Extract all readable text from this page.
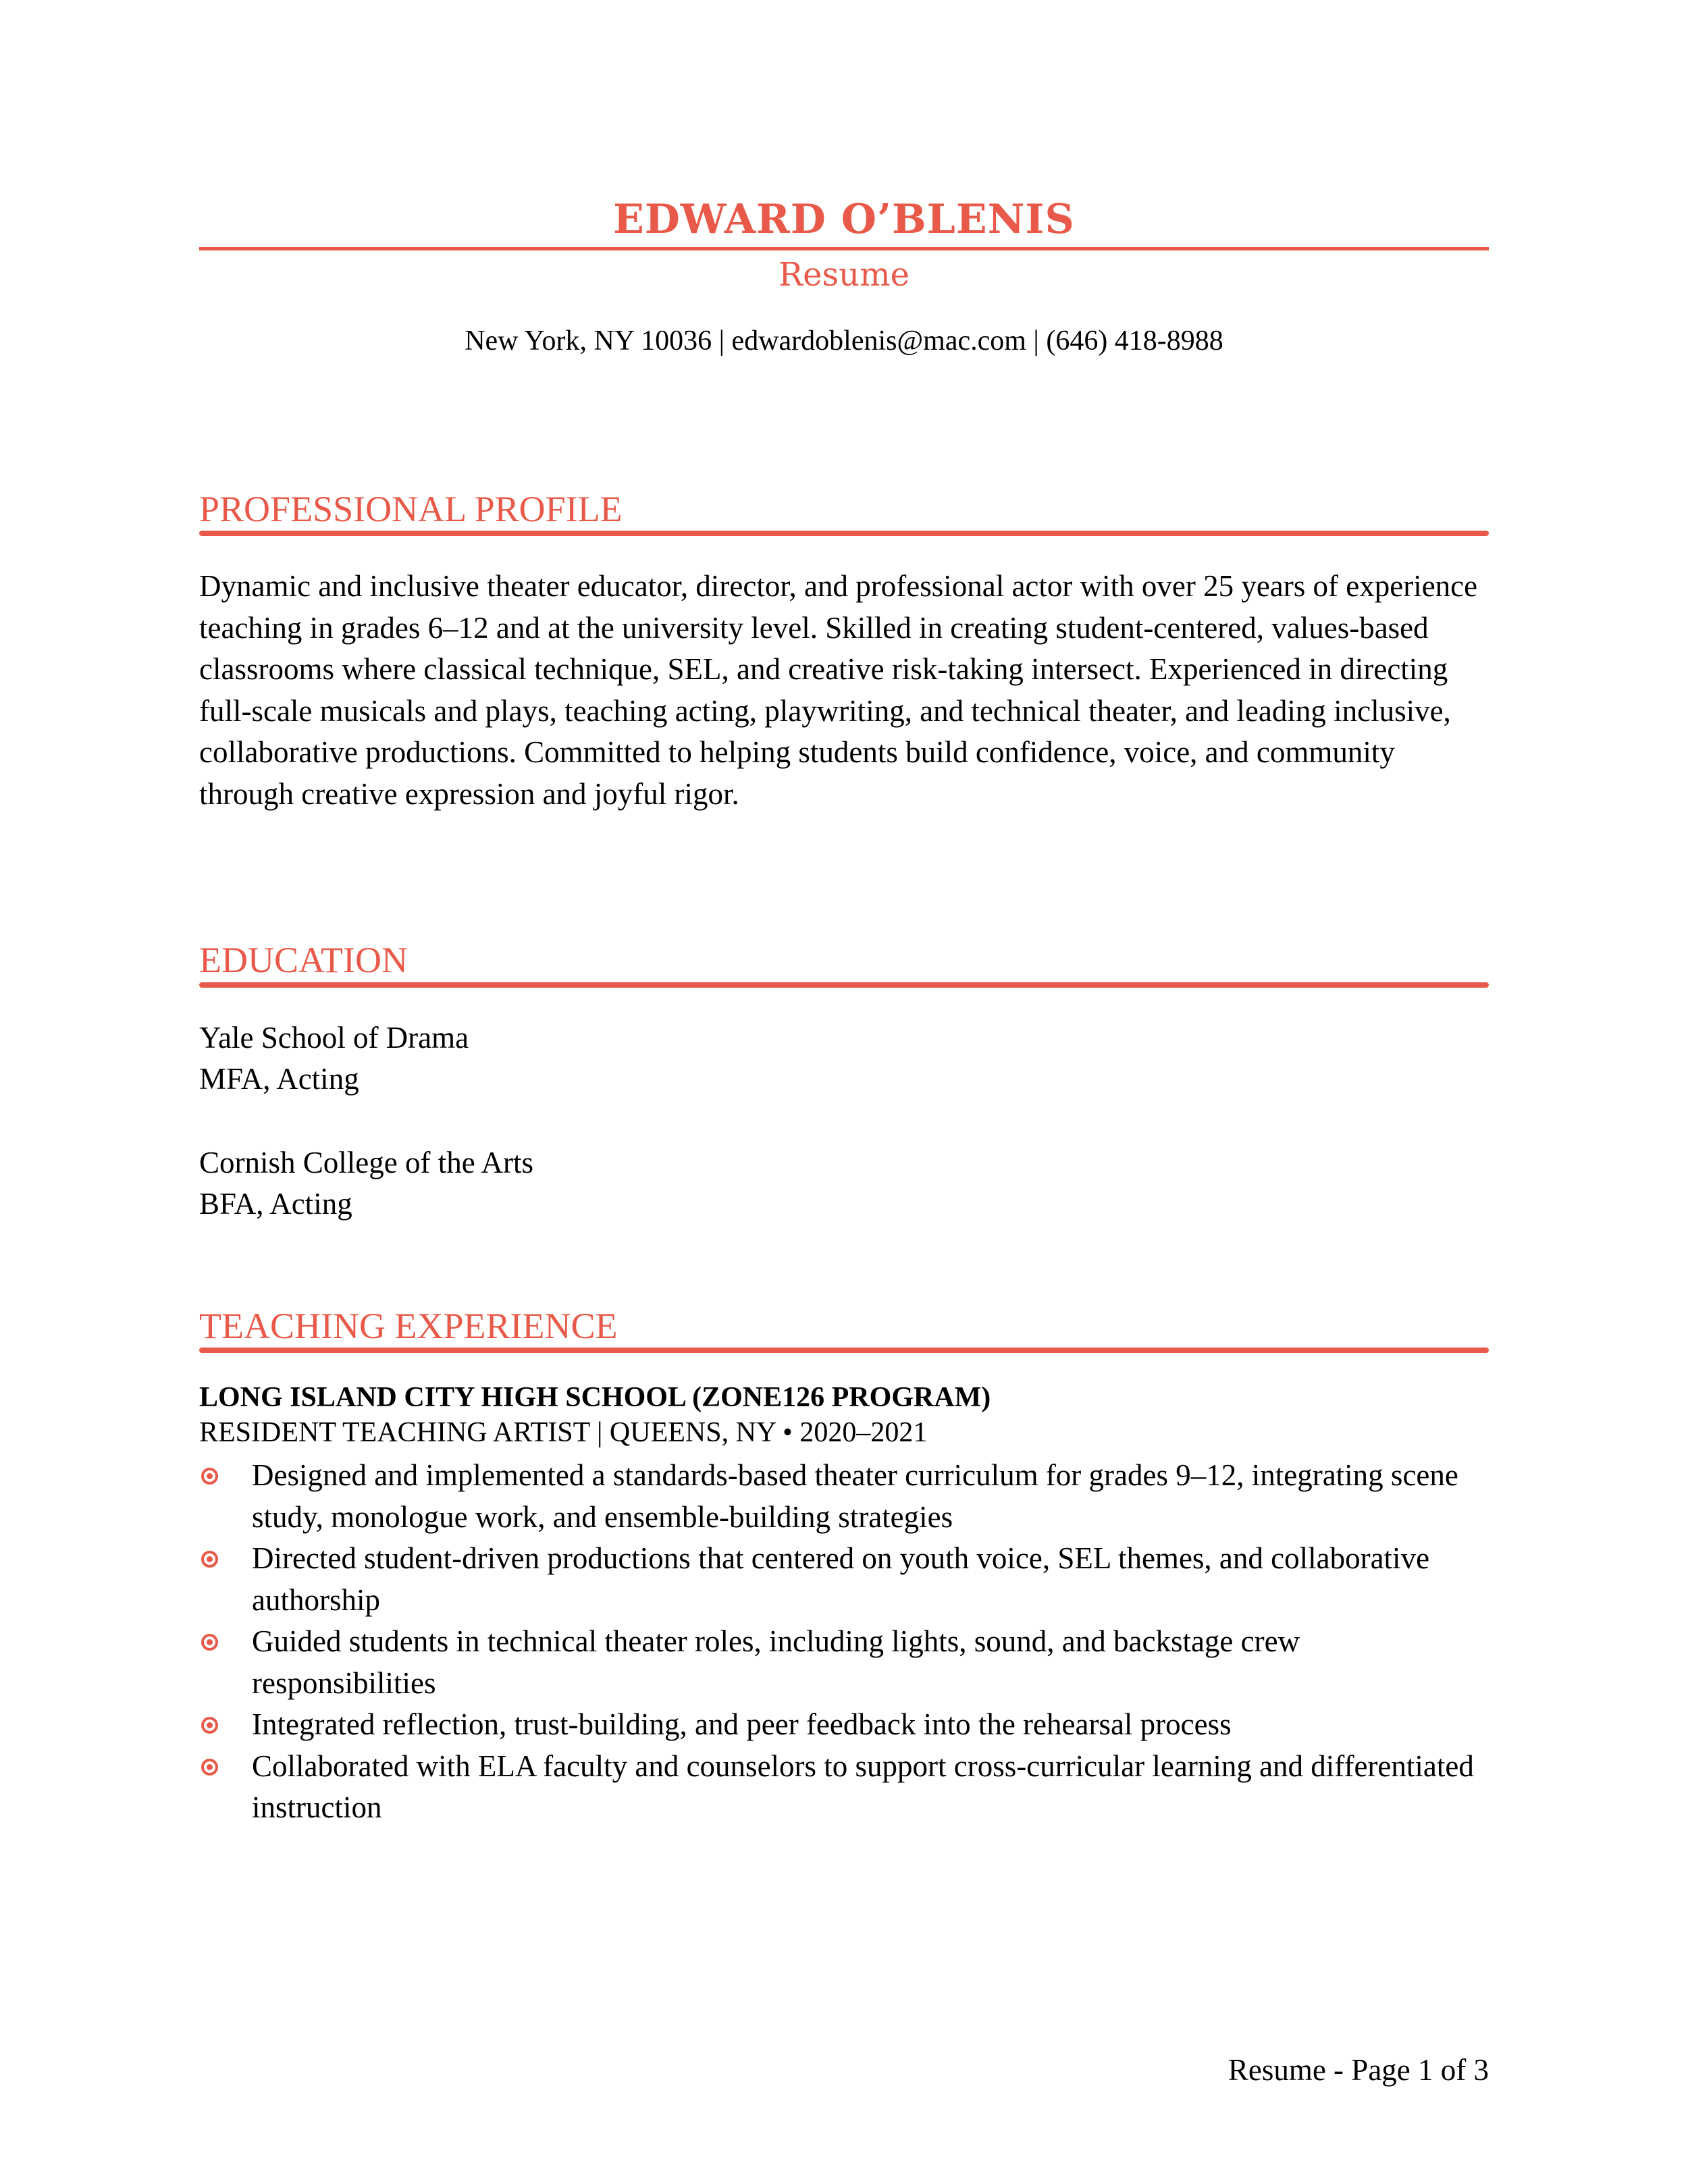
EDWARD O’BLENIS
Resume
New York, NY 10036 | edwardoblenis@mac.com | (646) 418-8988
PROFESSIONAL PROFILE

Dynamic and inclusive theater educator, director, and professional actor with over 25 years of experience teaching in grades 6–12 and at the university level. Skilled in creating student-centered, values-based classrooms where classical technique, SEL, and creative risk-taking intersect. Experienced in directing full-scale musicals and plays, teaching acting, playwriting, and technical theater, and leading inclusive, collaborative productions. Committed to helping students build confidence, voice, and community through creative expression and joyful rigor.

EDUCATION
Yale School of Drama
MFA, Acting
Cornish College of the Arts
BFA, Acting
TEACHING EXPERIENCE
LONG ISLAND CITY HIGH SCHOOL (ZONE126 PROGRAM)
RESIDENT TEACHING ARTIST | QUEENS, NY • 2020–2021
Designed and implemented a standards-based theater curriculum for grades 9–12, integrating scene study, monologue work, and ensemble-building strategies
Directed student-driven productions that centered on youth voice, SEL themes, and collaborative authorship
Guided students in technical theater roles, including lights, sound, and backstage crew responsibilities
Integrated reflection, trust-building, and peer feedback into the rehearsal process
Collaborated with ELA faculty and counselors to support cross-curricular learning and differentiated instruction
Resume - Page 1 of 3
